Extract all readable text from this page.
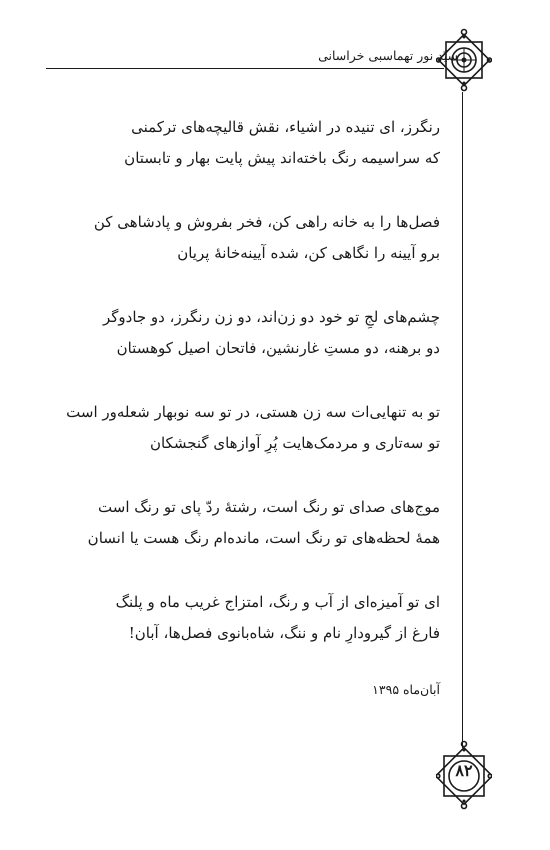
سیّد نور تهماسبی خراسانی
رنگرز، ای تنیده در اشیاء، نقش قالیچه‌های ترکمنی
که سراسیمه رنگ باخته‌اند پیش پایت بهار و تابستان
فصل‌ها را به خانه راهی کن، فخر بفروش و پادشاهی کن
برو آیینه را نگاهی کن، شده آیینه‌خانهٔ پریان
چشم‌های لجِ تو خود دو زن‌اند، دو زن رنگرز، دو جادوگر
دو برهنه، دو مستِ غارنشین، فاتحان اصیل کوهستان
تو به تنهایی‌ات سه زن هستی، در تو سه نوبهار شعله‌ور است
تو سه‌تاری و مردمک‌هایت پُرِ آوازهای گنجشکان
موج‌های صدای تو رنگ است، رشتهٔ ردّ پای تو رنگ است
همهٔ لحظه‌های تو رنگ است، مانده‌ام رنگ هست یا انسان
ای تو آمیزه‌ای از آب و رنگ، امتزاج غریب ماه و پلنگ
فارغ از گیرودارِ نام و ننگ، شاه‌بانوی فصل‌ها، آبان!
آبان‌ماه ۱۳۹۵
۸۲
